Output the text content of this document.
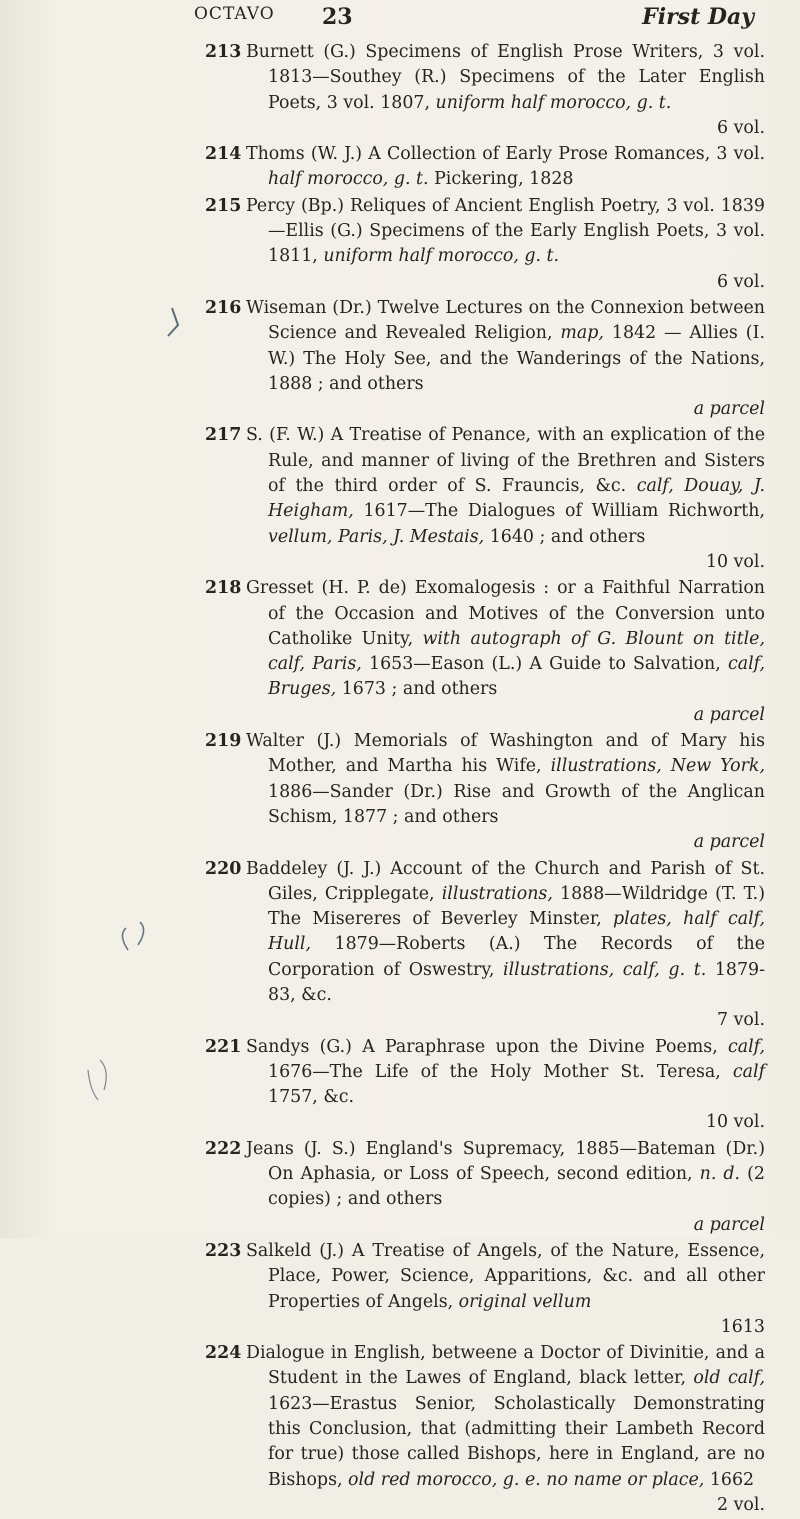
OCTAVO 23	First Day
213 Burnett (G.) Specimens of English Prose Writers, 3 vol. 1813—Southey (R.) Specimens of the Later English Poets, 3 vol. 1807, uniform half morocco, g. t.
6 vol.
214 Thoms (W. J.) A Collection of Early Prose Romances, 3 vol. half morocco, g. t. Pickering, 1828
215 Percy (Bp.) Reliques of Ancient English Poetry, 3 vol. 1839—Ellis (G.) Specimens of the Early English Poets, 3 vol. 1811, uniform half morocco, g. t.
6 vol.
216 Wiseman (Dr.) Twelve Lectures on the Connexion between Science and Revealed Religion, map, 1842 — Allies (I. W.) The Holy See, and the Wanderings of the Nations, 1888 ; and others
a parcel
217 S. (F. W.) A Treatise of Penance, with an explication of the Rule, and manner of living of the Brethren and Sisters of the third order of S. Frauncis, &c. calf, Douay, J. Heigham, 1617—The Dialogues of William Richworth, vellum, Paris, J. Mestais, 1640 ; and others
10 vol.
218 Gresset (H. P. de) Exomalogesis : or a Faithful Narration of the Occasion and Motives of the Conversion unto Catholike Unity, with autograph of G. Blount on title, calf, Paris, 1653—Eason (L.) A Guide to Salvation, calf, Bruges, 1673 ; and others
a parcel
219 Walter (J.) Memorials of Washington and of Mary his Mother, and Martha his Wife, illustrations, New York, 1886—Sander (Dr.) Rise and Growth of the Anglican Schism, 1877 ; and others
a parcel
220 Baddeley (J. J.) Account of the Church and Parish of St. Giles, Cripplegate, illustrations, 1888—Wildridge (T. T.) The Misereres of Beverley Minster, plates, half calf, Hull, 1879—Roberts (A.) The Records of the Corporation of Oswestry, illustrations, calf, g. t. 1879-83, &c.
7 vol.
221 Sandys (G.) A Paraphrase upon the Divine Poems, calf, 1676—The Life of the Holy Mother St. Teresa, calf 1757, &c.
10 vol.
222 Jeans (J. S.) England's Supremacy, 1885—Bateman (Dr.) On Aphasia, or Loss of Speech, second edition, n. d. (2 copies) ; and others
a parcel
223 Salkeld (J.) A Treatise of Angels, of the Nature, Essence, Place, Power, Science, Apparitions, &c. and all other Properties of Angels, original vellum
1613
224 Dialogue in English, betweene a Doctor of Divinitie, and a Student in the Lawes of England, black letter, old calf, 1623—Erastus Senior, Scholastically Demonstrating this Conclusion, that (admitting their Lambeth Record for true) those called Bishops, here in England, are no Bishops, old red morocco, g. e. no name or place, 1662
2 vol.
